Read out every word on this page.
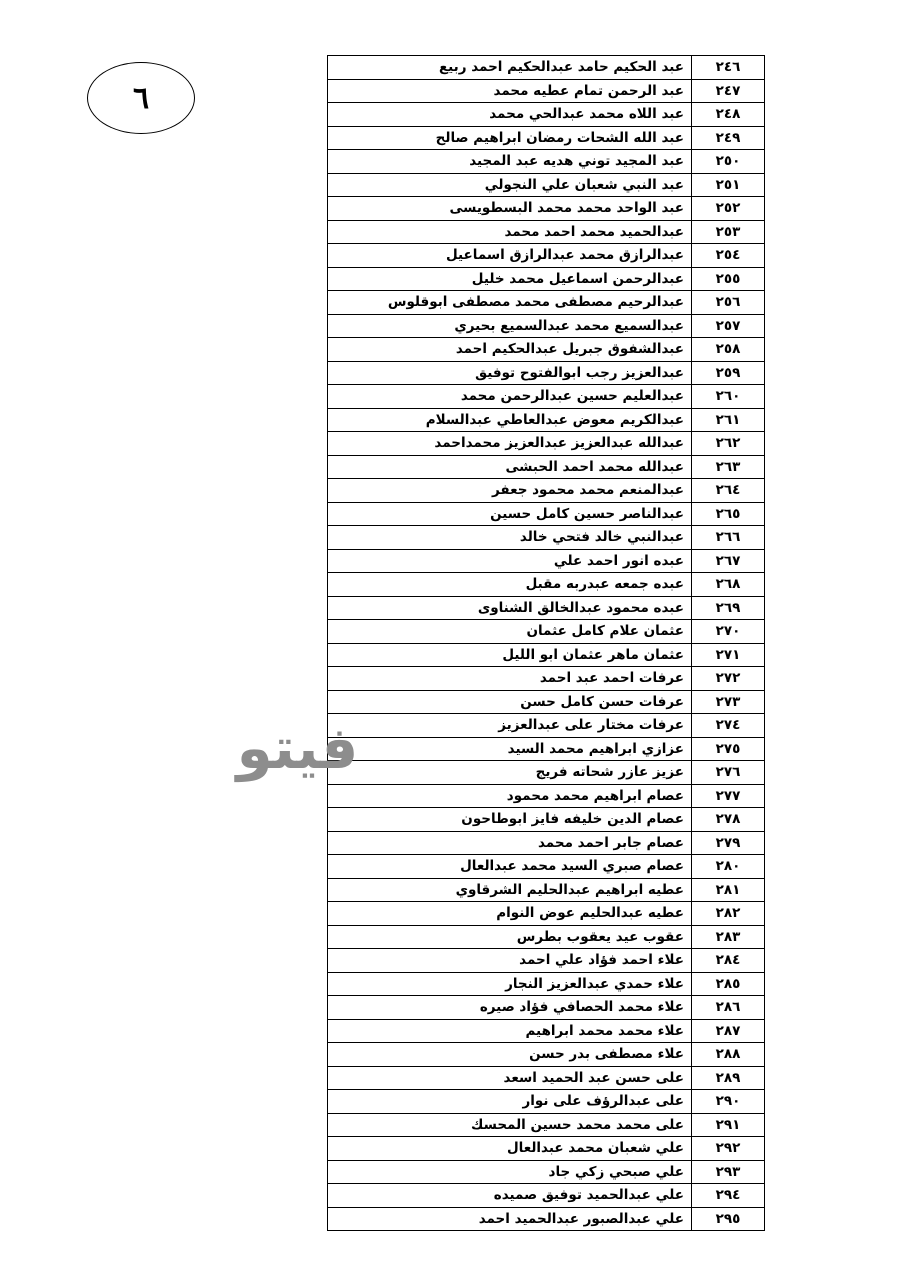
٦
٢٤٦	عبد الحكيم حامد عبدالحكيم احمد ربيع
٢٤٧	عبد الرحمن تمام عطيه محمد
٢٤٨	عبد اللاه محمد عبدالحي محمد
٢٤٩	عبد الله الشحات رمضان ابراهيم صالح
٢٥٠	عبد المجيد توني هديه عبد المجيد
٢٥١	عبد النبي شعبان علي النجولي
٢٥٢	عبد الواحد محمد محمد البسطويسى
٢٥٣	عبدالحميد محمد احمد محمد
٢٥٤	عبدالرازق محمد عبدالرازق اسماعيل
٢٥٥	عبدالرحمن اسماعيل محمد خليل
٢٥٦	عبدالرحيم مصطفى محمد مصطفى ابوقلوس
٢٥٧	عبدالسميع محمد عبدالسميع بحيري
٢٥٨	عبدالشفوق جبريل عبدالحكيم احمد
٢٥٩	عبدالعزيز رجب ابوالفتوح توفيق
٢٦٠	عبدالعليم حسين عبدالرحمن محمد
٢٦١	عبدالكريم معوض عبدالعاطي عبدالسلام
٢٦٢	عبدالله عبدالعزيز عبدالعزيز محمداحمد
٢٦٣	عبدالله محمد احمد الحبشى
٢٦٤	عبدالمنعم محمد محمود جعفر
٢٦٥	عبدالناصر حسين كامل حسين
٢٦٦	عبدالنبي خالد فتحي خالد
٢٦٧	عبده انور احمد علي
٢٦٨	عبده جمعه عبدربه مقبل
٢٦٩	عبده محمود عبدالخالق الشناوى
٢٧٠	عثمان علام كامل عثمان
٢٧١	عثمان ماهر عثمان ابو الليل
٢٧٢	عرفات احمد عبد احمد
٢٧٣	عرفات حسن كامل حسن
٢٧٤	عرفات مختار على عبدالعزيز
٢٧٥	عزازي ابراهيم محمد السيد
٢٧٦	عزيز عازر شحاته فريج
٢٧٧	عصام ابراهيم محمد محمود
٢٧٨	عصام الدين خليفه فايز ابوطاحون
٢٧٩	عصام جابر احمد محمد
٢٨٠	عصام صبري السيد محمد عبدالعال
٢٨١	عطيه ابراهيم عبدالحليم الشرقاوي
٢٨٢	عطيه عبدالحليم عوض النوام
٢٨٣	عقوب عيد يعقوب بطرس
٢٨٤	علاء احمد فؤاد علي احمد
٢٨٥	علاء حمدي عبدالعزيز النجار
٢٨٦	علاء محمد الحصافي فؤاد صيره
٢٨٧	علاء محمد محمد ابراهيم
٢٨٨	علاء مصطفى بدر حسن
٢٨٩	على حسن عبد الحميد اسعد
٢٩٠	على عبدالرؤف على نوار
٢٩١	على محمد محمد حسين المحسك
٢٩٢	علي شعبان محمد عبدالعال
٢٩٣	علي صبحي زكي جاد
٢٩٤	علي عبدالحميد توفيق صميده
٢٩٥	علي عبدالصبور عبدالحميد احمد
فيتو
